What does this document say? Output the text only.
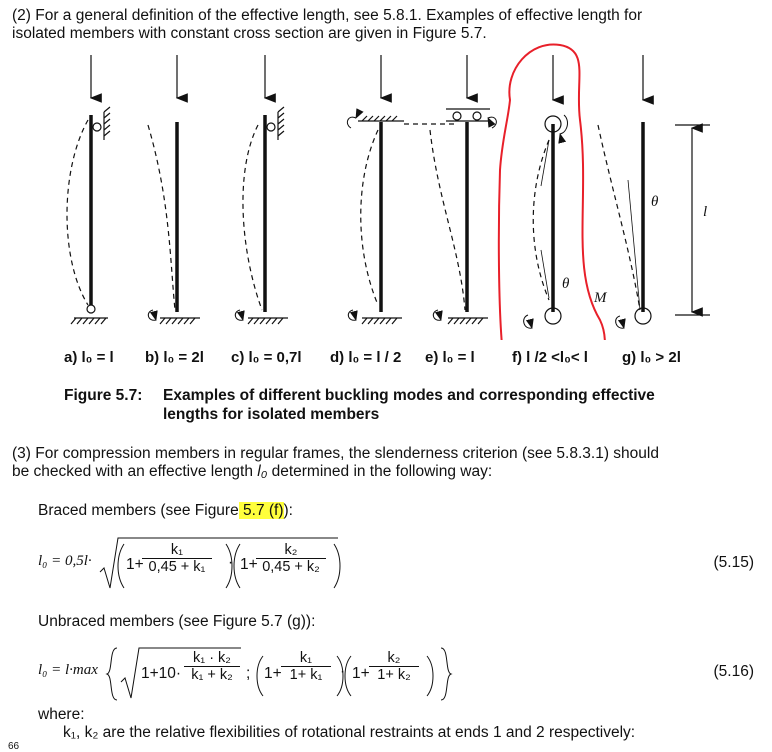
(2) For a general definition of the effective length, see 5.8.1. Examples of effective length for
isolated members with constant cross section are given in Figure 5.7.
θ
l
θ
M
a) l₀ = l b) l₀ = 2l c) l₀ = 0,7l d) l₀ = l / 2 e) l₀ = l f) l /2 <l₀< l g) l₀ > 2l
Figure 5.7: Examples of different buckling modes and corresponding effective
lengths for isolated members
(3) For compression members in regular frames, the slenderness criterion (see 5.8.3.1) should
be checked with an effective length l₀ determined in the following way:
Braced members (see Figure 5.7 (f)):
l₀ = 0,5l· 1+
$\frac{\text{k₁}}{\text{0,45 + k₁}} \cdot 1+$
$\frac{\text{k₂}}{\text{0,45 + k₂}}$	(5.15)
Unbraced members (see Figure 5.7 (g)):
l₀ = l·max	$1+10\cdot \frac{\text{k₁ · k₂}}{\text{k₁ + k₂}}$ ; $1+ \frac{\text{k₁}}{\text{1+ k₁}} \cdot 1+ \frac{\text{k₂}}{\text{1+ k₂}}$	(5.16)
where:
k₁, k₂ are the relative flexibilities of rotational restraints at ends 1 and 2 respectively:
66
